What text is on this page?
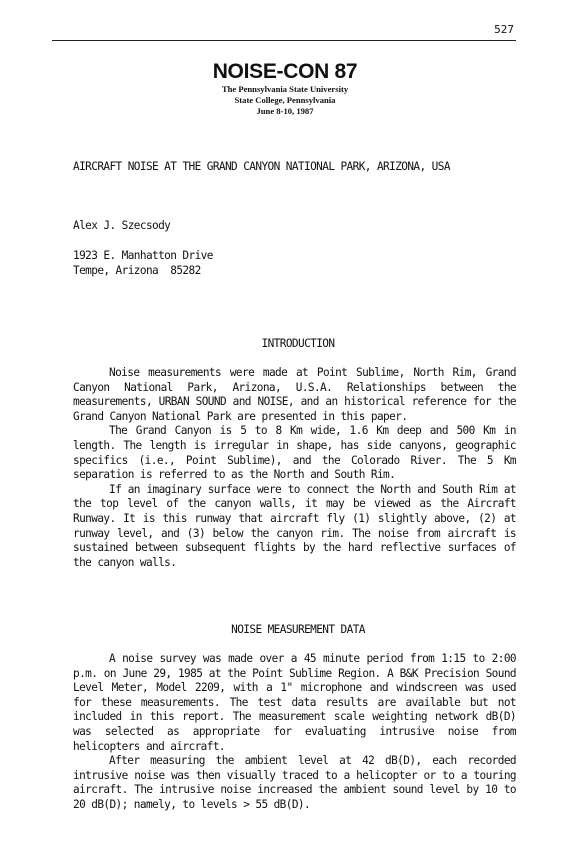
527
NOISE-CON 87
The Pennsylvania State University
State College, Pennsylvania
June 8-10, 1987
AIRCRAFT NOISE AT THE GRAND CANYON NATIONAL PARK, ARIZONA, USA
Alex J. Szecsody
1923 E. Manhatton Drive
Tempe, Arizona  85282
INTRODUCTION

Noise measurements were made at Point Sublime, North Rim, Grand Canyon National Park, Arizona, U.S.A. Relationships between the measurements, URBAN SOUND and NOISE, and an historical reference for the Grand Canyon National Park are presented in this paper.

The Grand Canyon is 5 to 8 Km wide, 1.6 Km deep and 500 Km in length. The length is irregular in shape, has side canyons, geographic specifics (i.e., Point Sublime), and the Colorado River. The 5 Km separation is referred to as the North and South Rim.

If an imaginary surface were to connect the North and South Rim at the top level of the canyon walls, it may be viewed as the Aircraft Runway. It is this runway that aircraft fly (1) slightly above, (2) at runway level, and (3) below the canyon rim. The noise from aircraft is sustained between subsequent flights by the hard reflective surfaces of the canyon walls.

NOISE MEASUREMENT DATA

A noise survey was made over a 45 minute period from 1:15 to 2:00 p.m. on June 29, 1985 at the Point Sublime Region. A B&K Precision Sound Level Meter, Model 2209, with a 1" microphone and windscreen was used for these measurements. The test data results are available but not included in this report. The measurement scale weighting network dB(D) was selected as appropriate for evaluating intrusive noise from helicopters and aircraft.

After measuring the ambient level at 42 dB(D), each recorded intrusive noise was then visually traced to a helicopter or to a touring aircraft. The intrusive noise increased the ambient sound level by 10 to 20 dB(D); namely, to levels > 55 dB(D).
